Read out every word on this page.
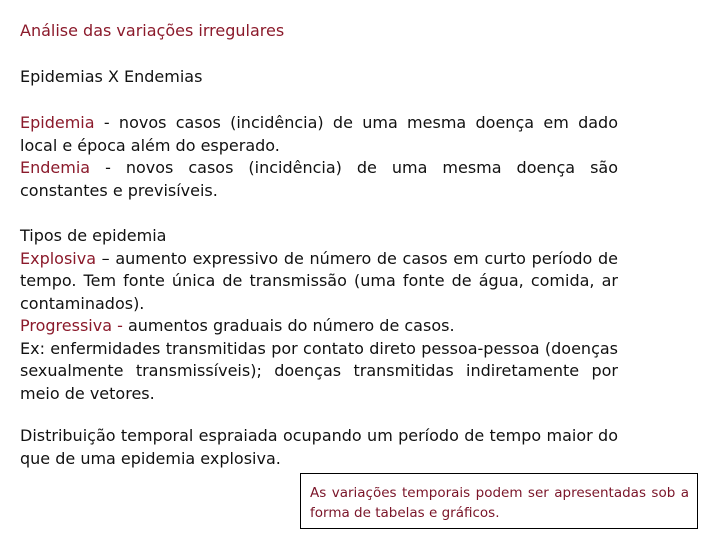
Análise das variações irregulares
Epidemias X Endemias

Epidemia - novos casos (incidência) de uma mesma doença em dado local e época além do esperado.

Endemia - novos casos (incidência) de uma mesma doença são constantes e previsíveis.

Tipos de epidemia

Explosiva – aumento expressivo de número de casos em curto período de tempo. Tem fonte única de transmissão (uma fonte de água, comida, ar contaminados).

Progressiva - aumentos graduais do número de casos.

Ex: enfermidades transmitidas por contato direto pessoa-pessoa (doenças sexualmente transmissíveis); doenças transmitidas indiretamente por meio de vetores.

Distribuição temporal espraiada ocupando um período de tempo maior do que de uma epidemia explosiva.

As variações temporais podem ser apresentadas sob a forma de tabelas e gráficos.
